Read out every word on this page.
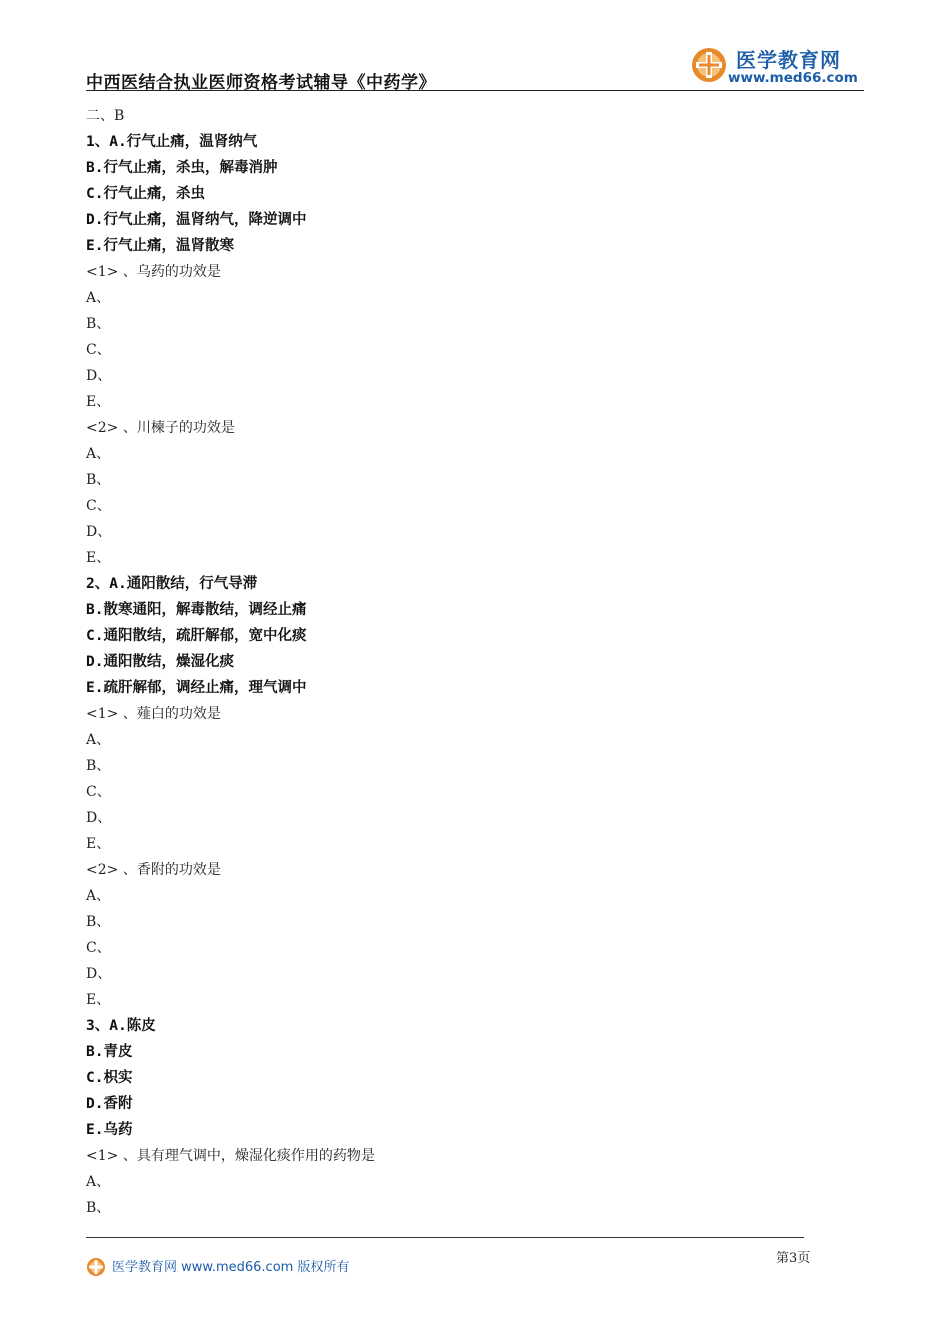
中西医结合执业医师资格考试辅导《中药学》
医学教育网
www.med66.com
二、B
1、A.行气止痛，温肾纳气
B.行气止痛，杀虫，解毒消肿
C.行气止痛，杀虫
D.行气止痛，温肾纳气，降逆调中
E.行气止痛，温肾散寒
<1> 、乌药的功效是
A、
B、
C、
D、
E、
<2> 、川楝子的功效是
A、
B、
C、
D、
E、
2、A.通阳散结，行气导滞
B.散寒通阳，解毒散结，调经止痛
C.通阳散结，疏肝解郁，宽中化痰
D.通阳散结，燥湿化痰
E.疏肝解郁，调经止痛，理气调中
<1> 、薤白的功效是
A、
B、
C、
D、
E、
<2> 、香附的功效是
A、
B、
C、
D、
E、
3、A.陈皮
B.青皮
C.枳实
D.香附
E.乌药
<1> 、具有理气调中，燥湿化痰作用的药物是
A、
B、
医学教育网 www.med66.com 版权所有
第3页
